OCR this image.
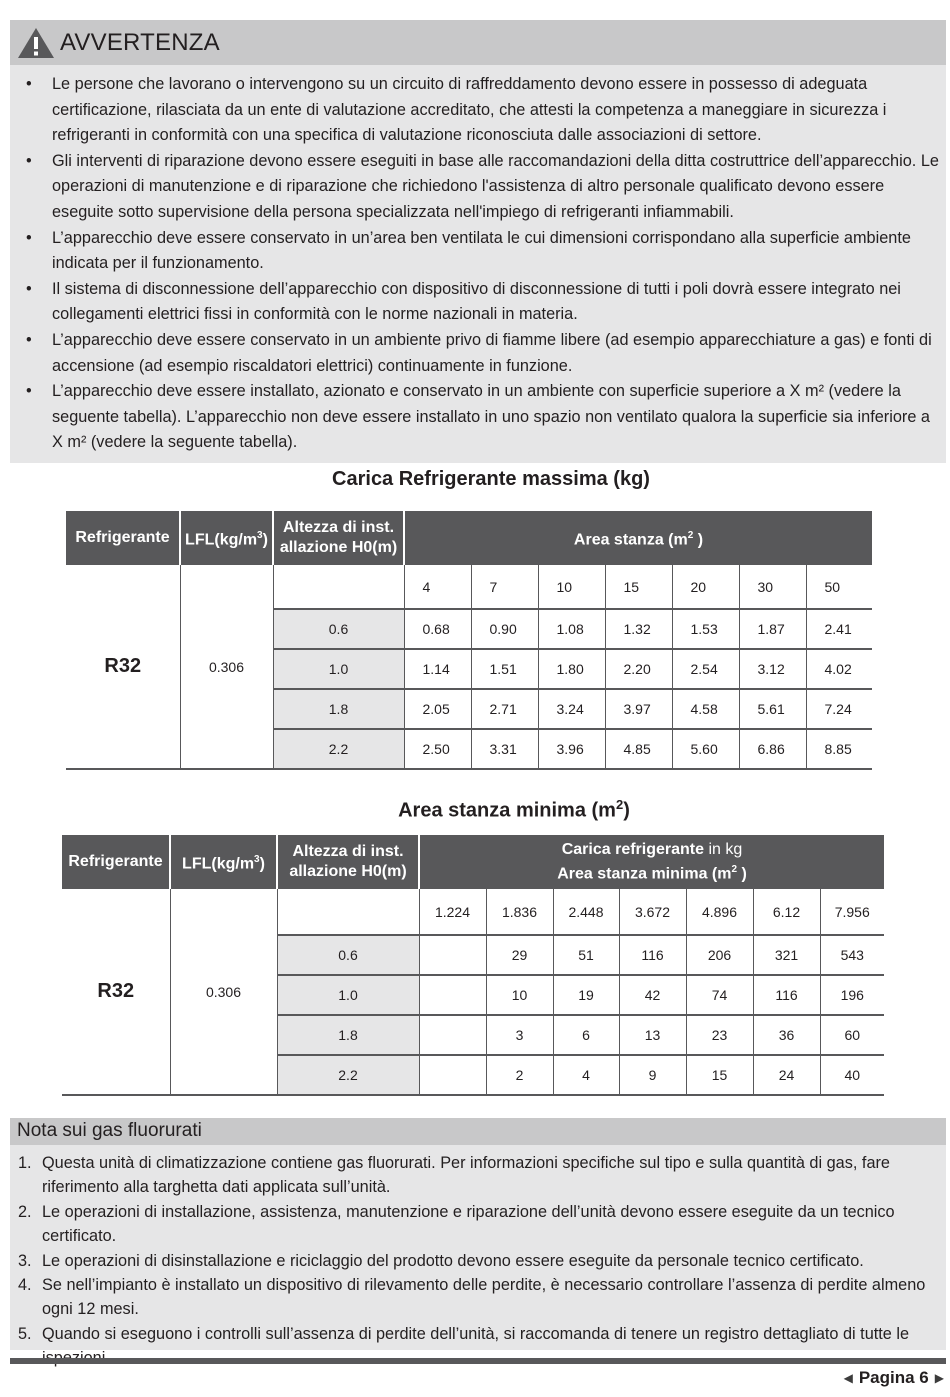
AVVERTENZA
• Le persone che lavorano o intervengono su un circuito di raffreddamento devono essere in possesso di adeguata certificazione, rilasciata da un ente di valutazione accreditato, che attesti la competenza a maneggiare in sicurezza i refrigeranti in conformità con una specifica di valutazione riconosciuta dalle associazioni di settore.
• Gli interventi di riparazione devono essere eseguiti in base alle raccomandazioni della ditta costruttrice dell’apparecchio. Le operazioni di manutenzione e di riparazione che richiedono l'assistenza di altro personale qualificato devono essere eseguite sotto supervisione della persona specializzata nell'impiego di refrigeranti infiammabili.
• L’apparecchio deve essere conservato in un’area ben ventilata le cui dimensioni corrispondano alla superficie ambiente indicata per il funzionamento.
• Il sistema di disconnessione dell’apparecchio con dispositivo di disconnessione di tutti i poli dovrà essere integrato nei collegamenti elettrici fissi in conformità con le norme nazionali in materia.
• L’apparecchio deve essere conservato in un ambiente privo di fiamme libere (ad esempio apparecchiature a gas) e fonti di accensione (ad esempio riscaldatori elettrici) continuamente in funzione.
• L’apparecchio deve essere installato, azionato e conservato in un ambiente con superficie superiore a X m² (vedere la seguente tabella). L’apparecchio non deve essere installato in uno spazio non ventilato qualora la superficie sia inferiore a X m² (vedere la seguente tabella).
Carica Refrigerante massima (kg)
Refrigerante	$LFL(kg/m^3)$	Altezza di inst.
allazione H0(m)	Area stanza ($m^2$ )						
R32	0.306		4	7	10	15	20	30	50
		0.6	0.68	0.90	1.08	1.32	1.53	1.87	2.41
		1.0	1.14	1.51	1.80	2.20	2.54	3.12	4.02
		1.8	2.05	2.71	3.24	3.97	4.58	5.61	7.24
		2.2	2.50	3.31	3.96	4.85	5.60	6.86	8.85
Area stanza minima $(m^2)$
Refrigerante	$LFL(kg/m^3)$	Altezza di inst.
allazione H0(m)	Carica refrigerante in kg
Area stanza minima ($m^2$ )						
R32	0.306		1.224	1.836	2.448	3.672	4.896	6.12	7.956
		0.6		29	51	116	206	321	543
		1.0		10	19	42	74	116	196
		1.8		3	6	13	23	36	60
		2.2		2	4	9	15	24	40
Nota sui gas fluorurati
1. Questa unità di climatizzazione contiene gas fluorurati. Per informazioni specifiche sul tipo e sulla quantità di gas, fare riferimento alla targhetta dati applicata sull’unità.
2. Le operazioni di installazione, assistenza, manutenzione e riparazione dell’unità devono essere eseguite da un tecnico certificato.
3. Le operazioni di disinstallazione e riciclaggio del prodotto devono essere eseguite da personale tecnico certificato.
4. Se nell’impianto è installato un dispositivo di rilevamento delle perdite, è necessario controllare l’assenza di perdite almeno ogni 12 mesi.
5. Quando si eseguono i controlli sull’assenza di perdite dell’unità, si raccomanda di tenere un registro dettagliato di tutte le
◀ Pagina 6 ▶
